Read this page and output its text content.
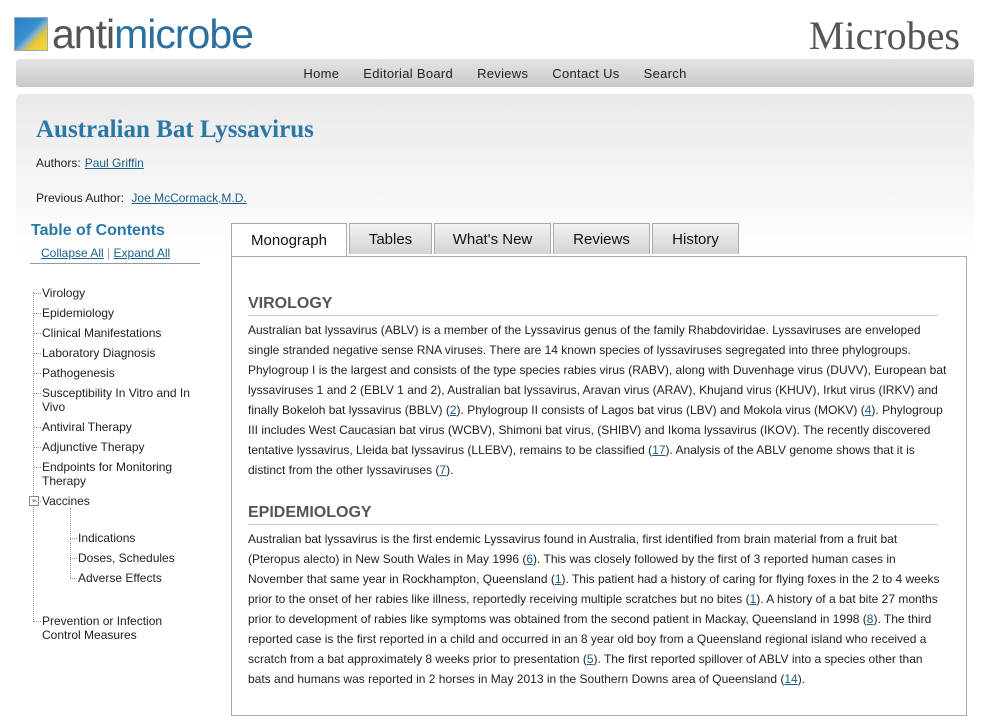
antimicrobe	Microbes
Home Editorial Board Reviews Contact Us Search
Australian Bat Lyssavirus
Authors: Paul Griffin
Previous Author: Joe McCormack,M.D.
Table of Contents
Collapse All | Expand All
Virology
Epidemiology
Clinical Manifestations
Laboratory Diagnosis
Pathogenesis
Susceptibility In Vitro and In Vivo
Antiviral Therapy
Adjunctive Therapy
Endpoints for Monitoring Therapy
− Vaccines
Indications
Doses, Schedules
Adverse Effects
Prevention or Infection Control Measures
Monograph	Tables	What's New	Reviews	History
VIROLOGY
Australian bat lyssavirus (ABLV) is a member of the Lyssavirus genus of the family Rhabdoviridae. Lyssaviruses are enveloped single stranded negative sense RNA viruses. There are 14 known species of lyssaviruses segregated into three phylogroups. Phylogroup I is the largest and consists of the type species rabies virus (RABV), along with Duvenhage virus (DUVV), European bat lyssaviruses 1 and 2 (EBLV 1 and 2), Australian bat lyssavirus, Aravan virus (ARAV), Khujand virus (KHUV), Irkut virus (IRKV) and finally Bokeloh bat lyssavirus (BBLV) (2). Phylogroup II consists of Lagos bat virus (LBV) and Mokola virus (MOKV) (4). Phylogroup III includes West Caucasian bat virus (WCBV), Shimoni bat virus, (SHIBV) and Ikoma lyssavirus (IKOV). The recently discovered tentative lyssavirus, Lleida bat lyssavirus (LLEBV), remains to be classified (17). Analysis of the ABLV genome shows that it is distinct from the other lyssaviruses (7).
EPIDEMIOLOGY
Australian bat lyssavirus is the first endemic Lyssavirus found in Australia, first identified from brain material from a fruit bat (Pteropus alecto) in New South Wales in May 1996 (6). This was closely followed by the first of 3 reported human cases in November that same year in Rockhampton, Queensland (1). This patient had a history of caring for flying foxes in the 2 to 4 weeks prior to the onset of her rabies like illness, reportedly receiving multiple scratches but no bites (1). A history of a bat bite 27 months prior to development of rabies like symptoms was obtained from the second patient in Mackay, Queensland in 1998 (8). The third reported case is the first reported in a child and occurred in an 8 year old boy from a Queensland regional island who received a scratch from a bat approximately 8 weeks prior to presentation (5). The first reported spillover of ABLV into a species other than bats and humans was reported in 2 horses in May 2013 in the Southern Downs area of Queensland (14).
